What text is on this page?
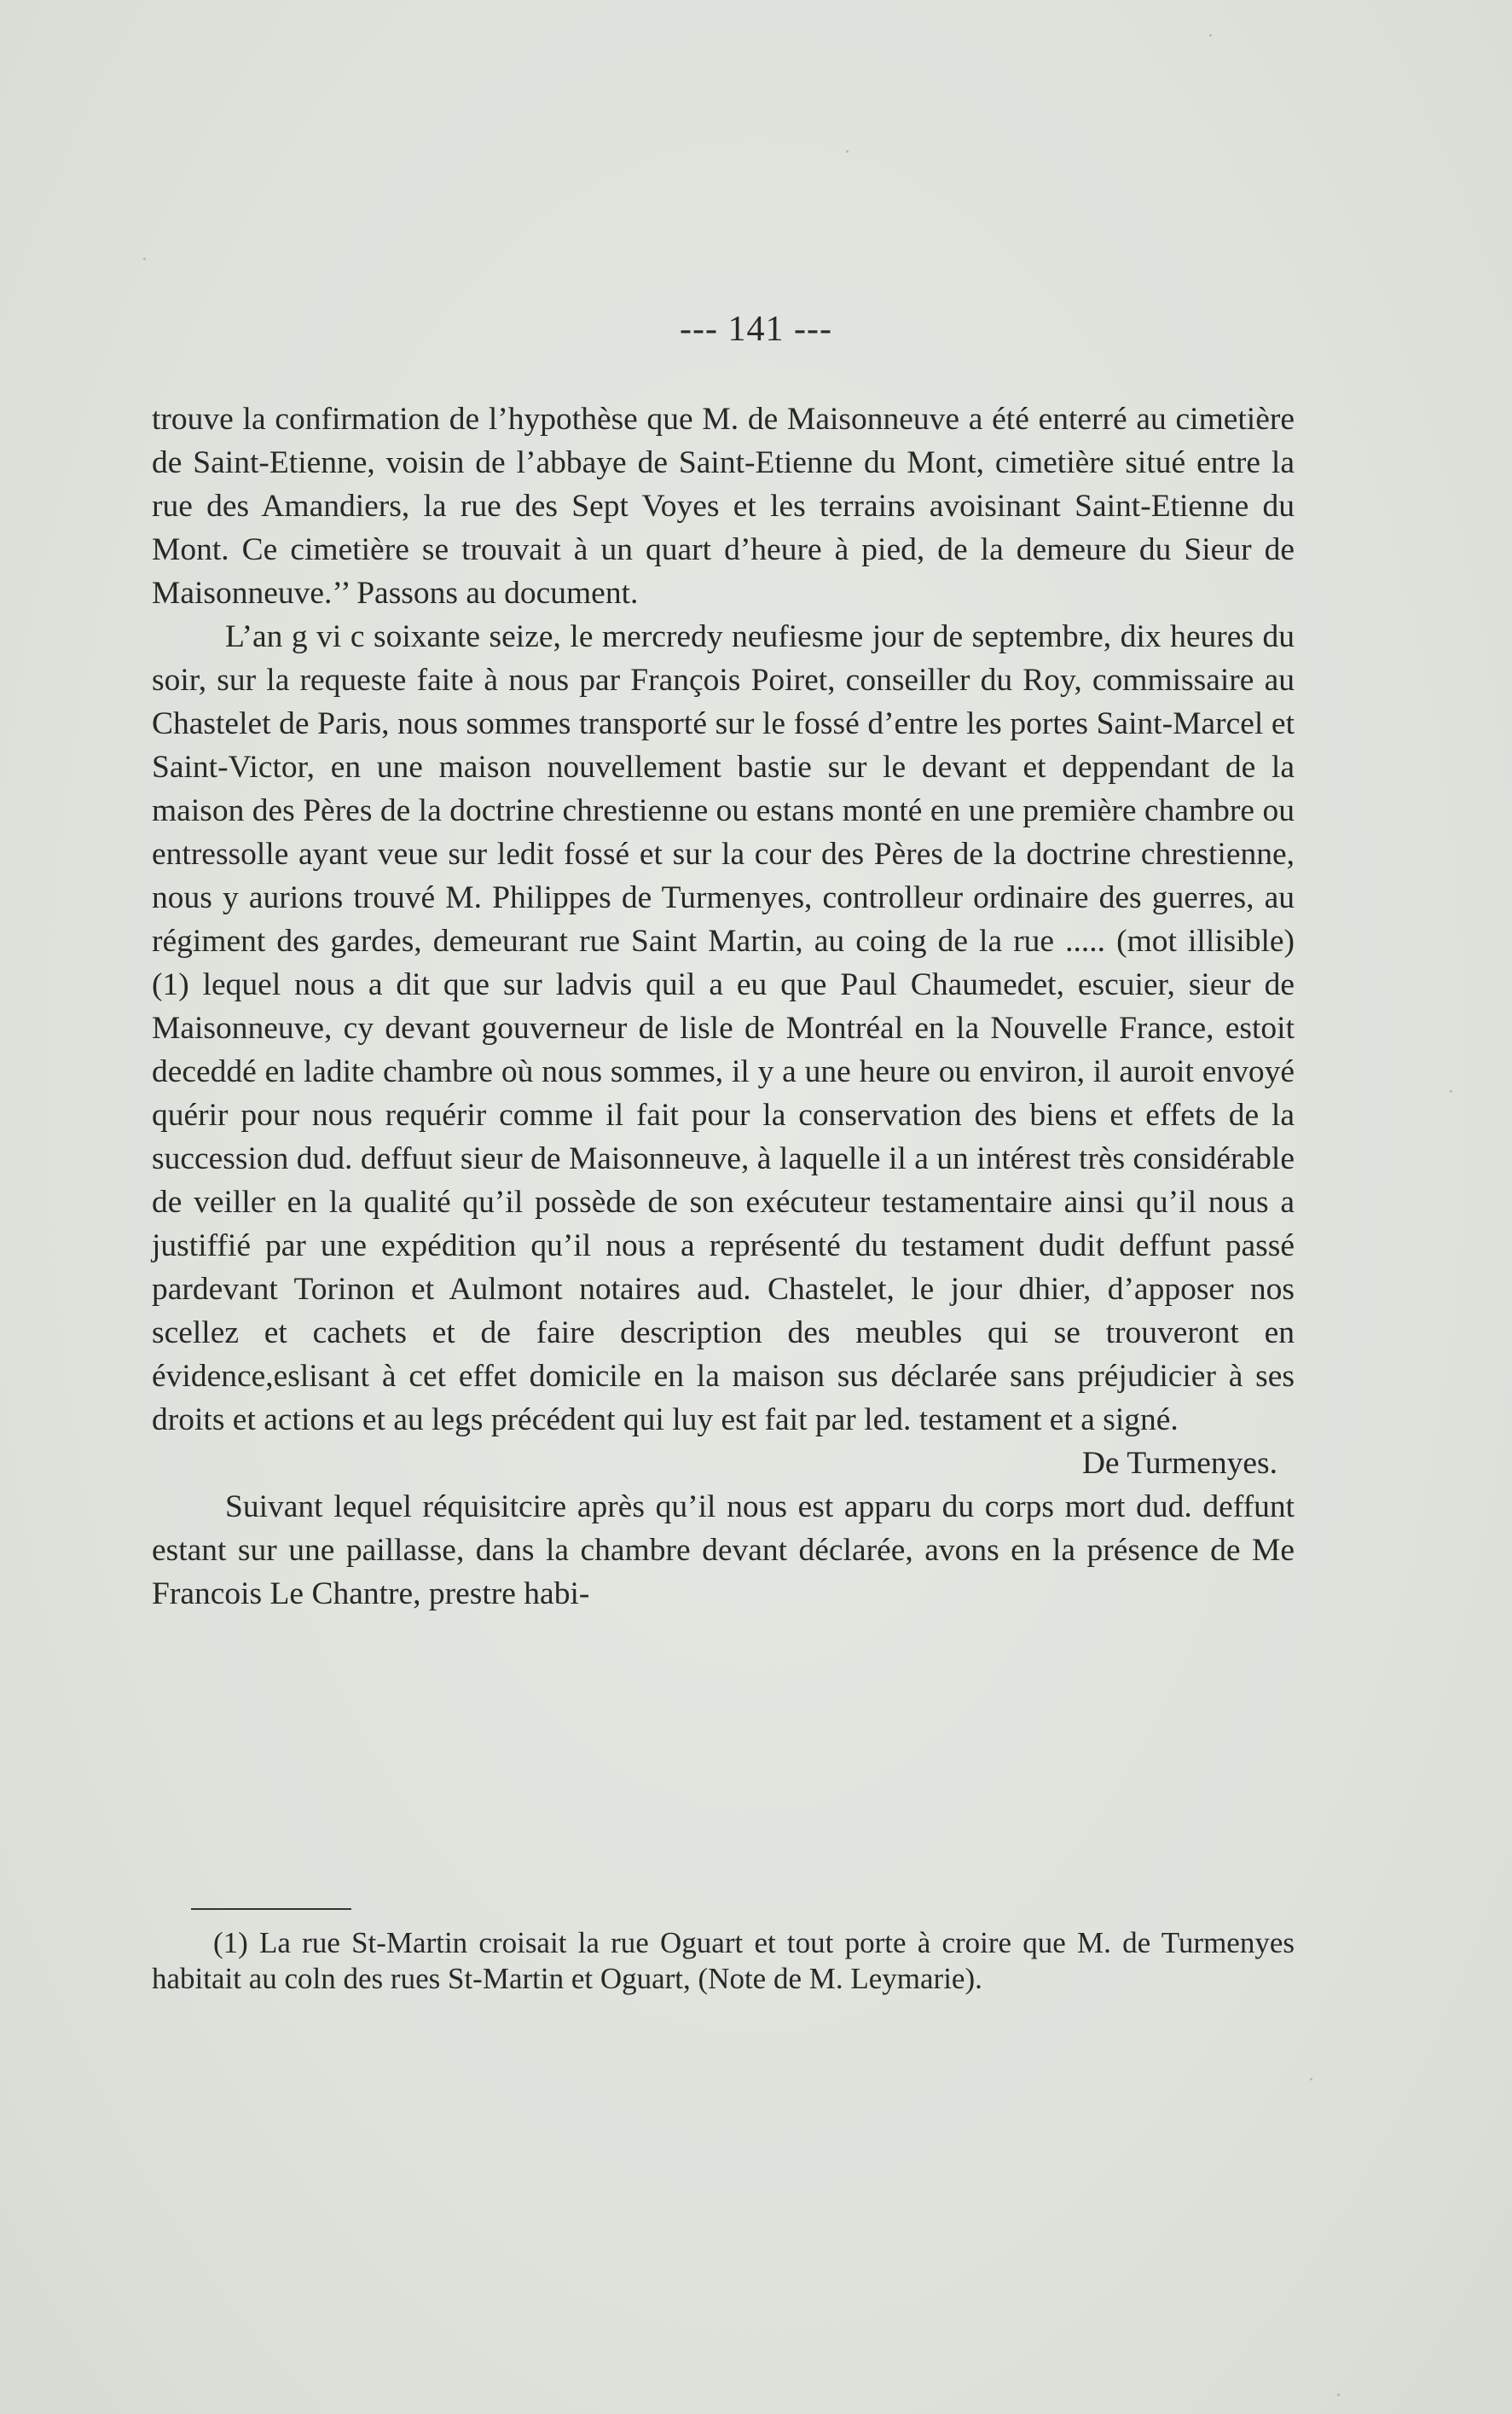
--- 141 ---

trouve la confirmation de l’hypothèse que M. de Maisonneuve a été enterré au cimetière de Saint-Etienne, voisin de l’abbaye de Saint-Etienne du Mont, cimetière situé entre la rue des Amandiers, la rue des Sept Voyes et les terrains avoisinant Saint-Etienne du Mont. Ce cimetière se trouvait à un quart d’heure à pied, de la demeure du Sieur de Maisonneuve.’’ Passons au document.

L’an g vi c soixante seize, le mercredy neufiesme jour de septembre, dix heures du soir, sur la requeste faite à nous par François Poiret, conseiller du Roy, commissaire au Chastelet de Paris, nous sommes transporté sur le fossé d’entre les portes Saint-Marcel et Saint-Victor, en une maison nouvellement bastie sur le devant et deppendant de la maison des Pères de la doctrine chrestienne ou estans monté en une première chambre ou entressolle ayant veue sur ledit fossé et sur la cour des Pères de la doctrine chrestienne, nous y aurions trouvé M. Philippes de Turmenyes, controlleur ordinaire des guerres, au régiment des gardes, demeurant rue Saint Martin, au coing de la rue ..... (mot illisible) (1) lequel nous a dit que sur ladvis quil a eu que Paul Chaumedet, escuier, sieur de Maisonneuve, cy devant gouverneur de lisle de Montréal en la Nouvelle France, estoit deceddé en ladite chambre où nous sommes, il y a une heure ou environ, il auroit envoyé quérir pour nous requérir comme il fait pour la conservation des biens et effets de la succession dud. deffuut sieur de Maisonneuve, à laquelle il a un intérest très considérable de veiller en la qualité qu’il possède de son exécuteur testamentaire ainsi qu’il nous a justiffié par une expédition qu’il nous a représenté du testament dudit deffunt passé pardevant Torinon et Aulmont notaires aud. Chastelet, le jour dhier, d’apposer nos scellez et cachets et de faire description des meubles qui se trouveront en évidence,eslisant à cet effet domicile en la maison sus déclarée sans préjudicier à ses droits et actions et au legs précédent qui luy est fait par led. testament et a signé.

De Turmenyes.

Suivant lequel réquisitcire après qu’il nous est apparu du corps mort dud. deffunt estant sur une paillasse, dans la chambre devant déclarée, avons en la présence de Me Francois Le Chantre, prestre habi-

(1) La rue St-Martin croisait la rue Oguart et tout porte à croire que M. de Turmenyes habitait au coln des rues St-Martin et Oguart, (Note de M. Leymarie).
